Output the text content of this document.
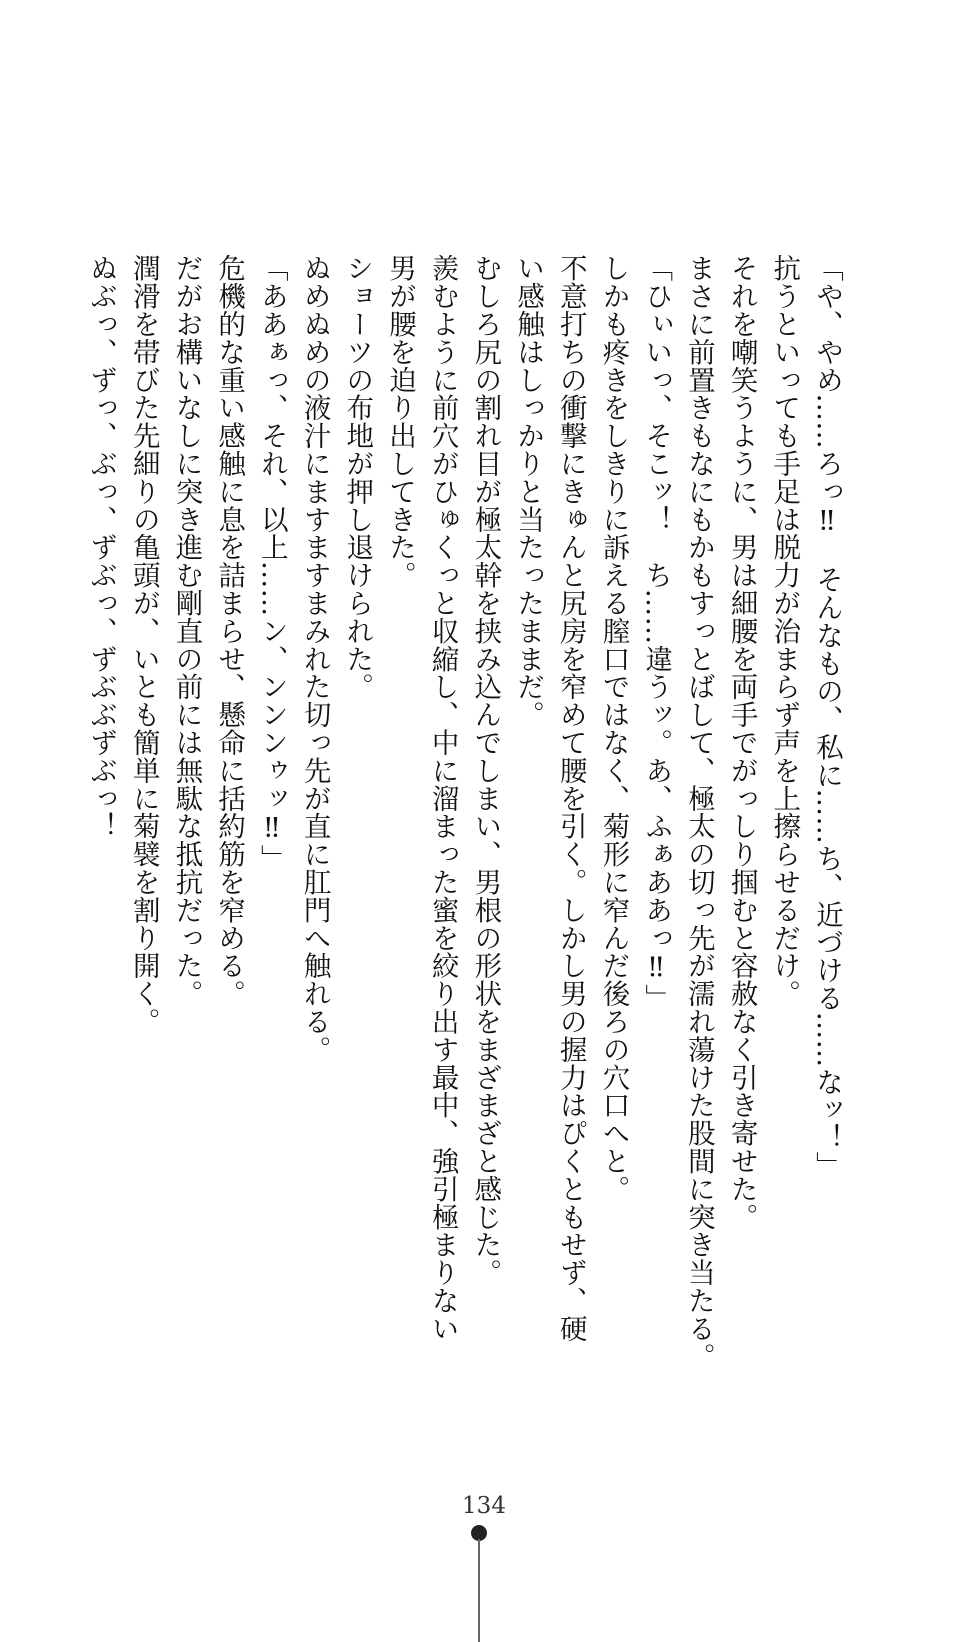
「や、やめ……ろっ‼　そんなもの、私に……ち、近づける……なッ！」
抗うといっても手足は脱力が治まらず声を上擦らせるだけ。
それを嘲笑うように、男は細腰を両手でがっしり掴むと容赦なく引き寄せた。
まさに前置きもなにもかもすっとばして、極太の切っ先が濡れ蕩けた股間に突き当たる。
「ひぃいっ、そこッ！　ち……違うッ。あ、ふぁああっ‼」
しかも疼きをしきりに訴える膣口ではなく、菊形に窄んだ後ろの穴口へと。
不意打ちの衝撃にきゅんと尻房を窄めて腰を引く。しかし男の握力はぴくともせず、硬
い感触はしっかりと当たったままだ。
むしろ尻の割れ目が極太幹を挟み込んでしまい、男根の形状をまざまざと感じた。
羨むように前穴がひゅくっと収縮し、中に溜まった蜜を絞り出す最中、強引極まりない
男が腰を迫り出してきた。
ショーツの布地が押し退けられた。
ぬめぬめの液汁にますますまみれた切っ先が直に肛門へ触れる。
「ああぁっ、それ、以上……ン、ンンンゥッ‼」
危機的な重い感触に息を詰まらせ、懸命に括約筋を窄める。
だがお構いなしに突き進む剛直の前には無駄な抵抗だった。
潤滑を帯びた先細りの亀頭が、いとも簡単に菊襞を割り開く。
ぬぶっ、ずっ、ぶっ、ずぶっ、ずぶぶずぶっ！
134
